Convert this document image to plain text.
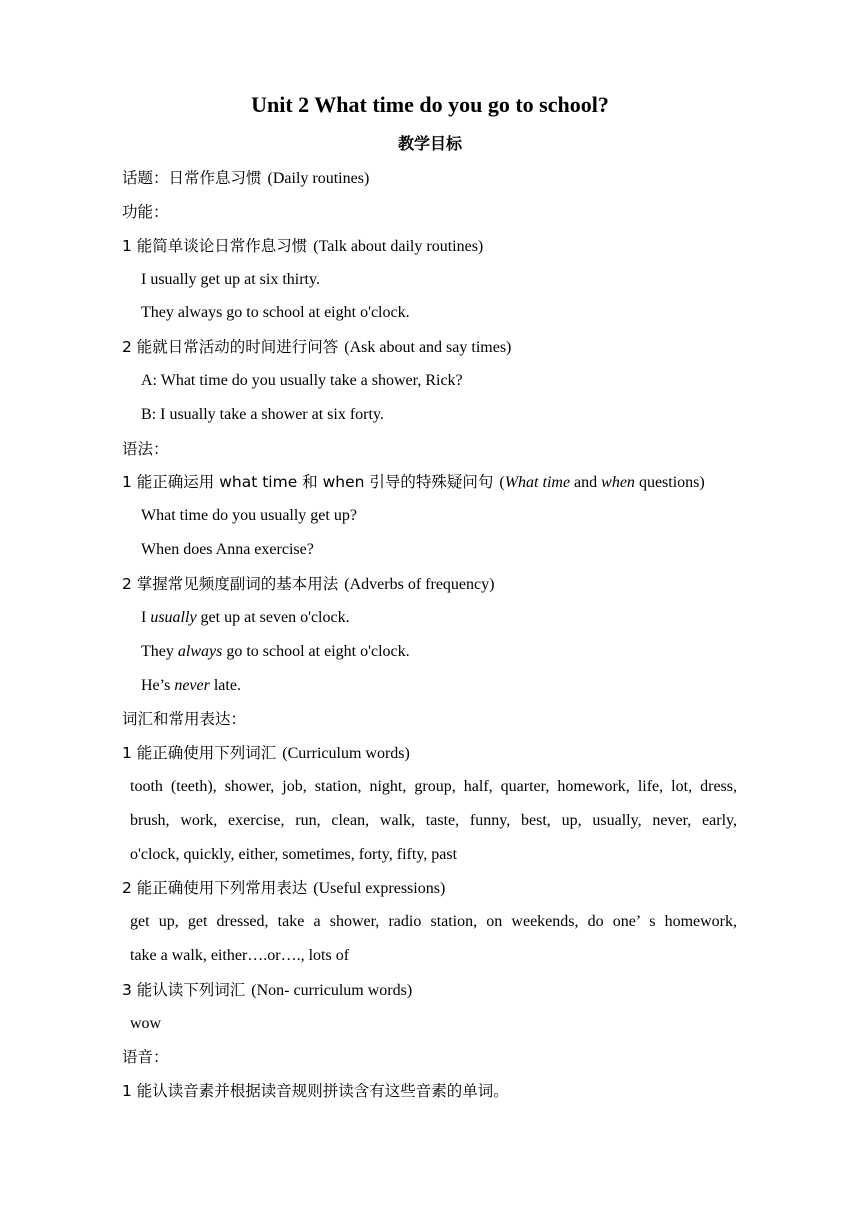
Unit 2 What time do you go to school?
教学目标
话题：日常作息习惯 (Daily routines)
功能：
1 能简单谈论日常作息习惯 (Talk about daily routines)
I usually get up at six thirty.
They always go to school at eight o'clock.
2 能就日常活动的时间进行问答 (Ask about and say times)
A: What time do you usually take a shower, Rick?
B: I usually take a shower at six forty.
语法：
1 能正确运用 what time 和 when 引导的特殊疑问句 (What time and when questions)
What time do you usually get up?
When does Anna exercise?
2 掌握常见频度副词的基本用法 (Adverbs of frequency)
I usually get up at seven o'clock.
They always go to school at eight o'clock.
He’s never late.
词汇和常用表达：
1 能正确使用下列词汇 (Curriculum words)
tooth (teeth), shower, job, station, night, group, half, quarter, homework, life, lot, dress,
brush, work, exercise, run, clean, walk, taste, funny, best, up, usually, never, early,
o'clock, quickly, either, sometimes, forty, fifty, past
2 能正确使用下列常用表达 (Useful expressions)
get up, get dressed, take a shower, radio station, on weekends, do one’ s homework,
take a walk, either….or…., lots of
3 能认读下列词汇 (Non- curriculum words)
wow
语音：
1 能认读音素并根据读音规则拼读含有这些音素的单词。
